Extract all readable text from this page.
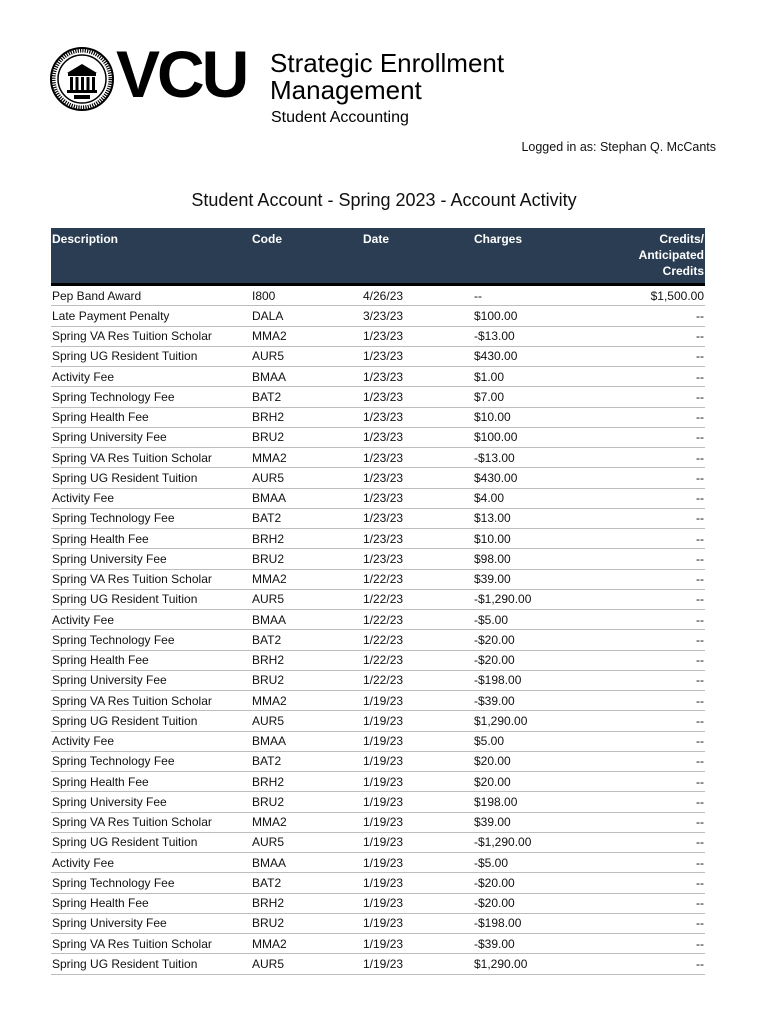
VCU Strategic Enrollment
Management
Student Accounting
Logged in as: Stephan Q. McCants
Student Account - Spring 2023 - Account Activity
Description	Code	Date	Charges	Credits/
Anticipated
Credits
Pep Band Award	I800	4/26/23	--	$1,500.00
Late Payment Penalty	DALA	3/23/23	$100.00	--
Spring VA Res Tuition Scholar	MMA2	1/23/23	-$13.00	--
Spring UG Resident Tuition	AUR5	1/23/23	$430.00	--
Activity Fee	BMAA	1/23/23	$1.00	--
Spring Technology Fee	BAT2	1/23/23	$7.00	--
Spring Health Fee	BRH2	1/23/23	$10.00	--
Spring University Fee	BRU2	1/23/23	$100.00	--
Spring VA Res Tuition Scholar	MMA2	1/23/23	-$13.00	--
Spring UG Resident Tuition	AUR5	1/23/23	$430.00	--
Activity Fee	BMAA	1/23/23	$4.00	--
Spring Technology Fee	BAT2	1/23/23	$13.00	--
Spring Health Fee	BRH2	1/23/23	$10.00	--
Spring University Fee	BRU2	1/23/23	$98.00	--
Spring VA Res Tuition Scholar	MMA2	1/22/23	$39.00	--
Spring UG Resident Tuition	AUR5	1/22/23	-$1,290.00	--
Activity Fee	BMAA	1/22/23	-$5.00	--
Spring Technology Fee	BAT2	1/22/23	-$20.00	--
Spring Health Fee	BRH2	1/22/23	-$20.00	--
Spring University Fee	BRU2	1/22/23	-$198.00	--
Spring VA Res Tuition Scholar	MMA2	1/19/23	-$39.00	--
Spring UG Resident Tuition	AUR5	1/19/23	$1,290.00	--
Activity Fee	BMAA	1/19/23	$5.00	--
Spring Technology Fee	BAT2	1/19/23	$20.00	--
Spring Health Fee	BRH2	1/19/23	$20.00	--
Spring University Fee	BRU2	1/19/23	$198.00	--
Spring VA Res Tuition Scholar	MMA2	1/19/23	$39.00	--
Spring UG Resident Tuition	AUR5	1/19/23	-$1,290.00	--
Activity Fee	BMAA	1/19/23	-$5.00	--
Spring Technology Fee	BAT2	1/19/23	-$20.00	--
Spring Health Fee	BRH2	1/19/23	-$20.00	--
Spring University Fee	BRU2	1/19/23	-$198.00	--
Spring VA Res Tuition Scholar	MMA2	1/19/23	-$39.00	--
Spring UG Resident Tuition	AUR5	1/19/23	$1,290.00	--
